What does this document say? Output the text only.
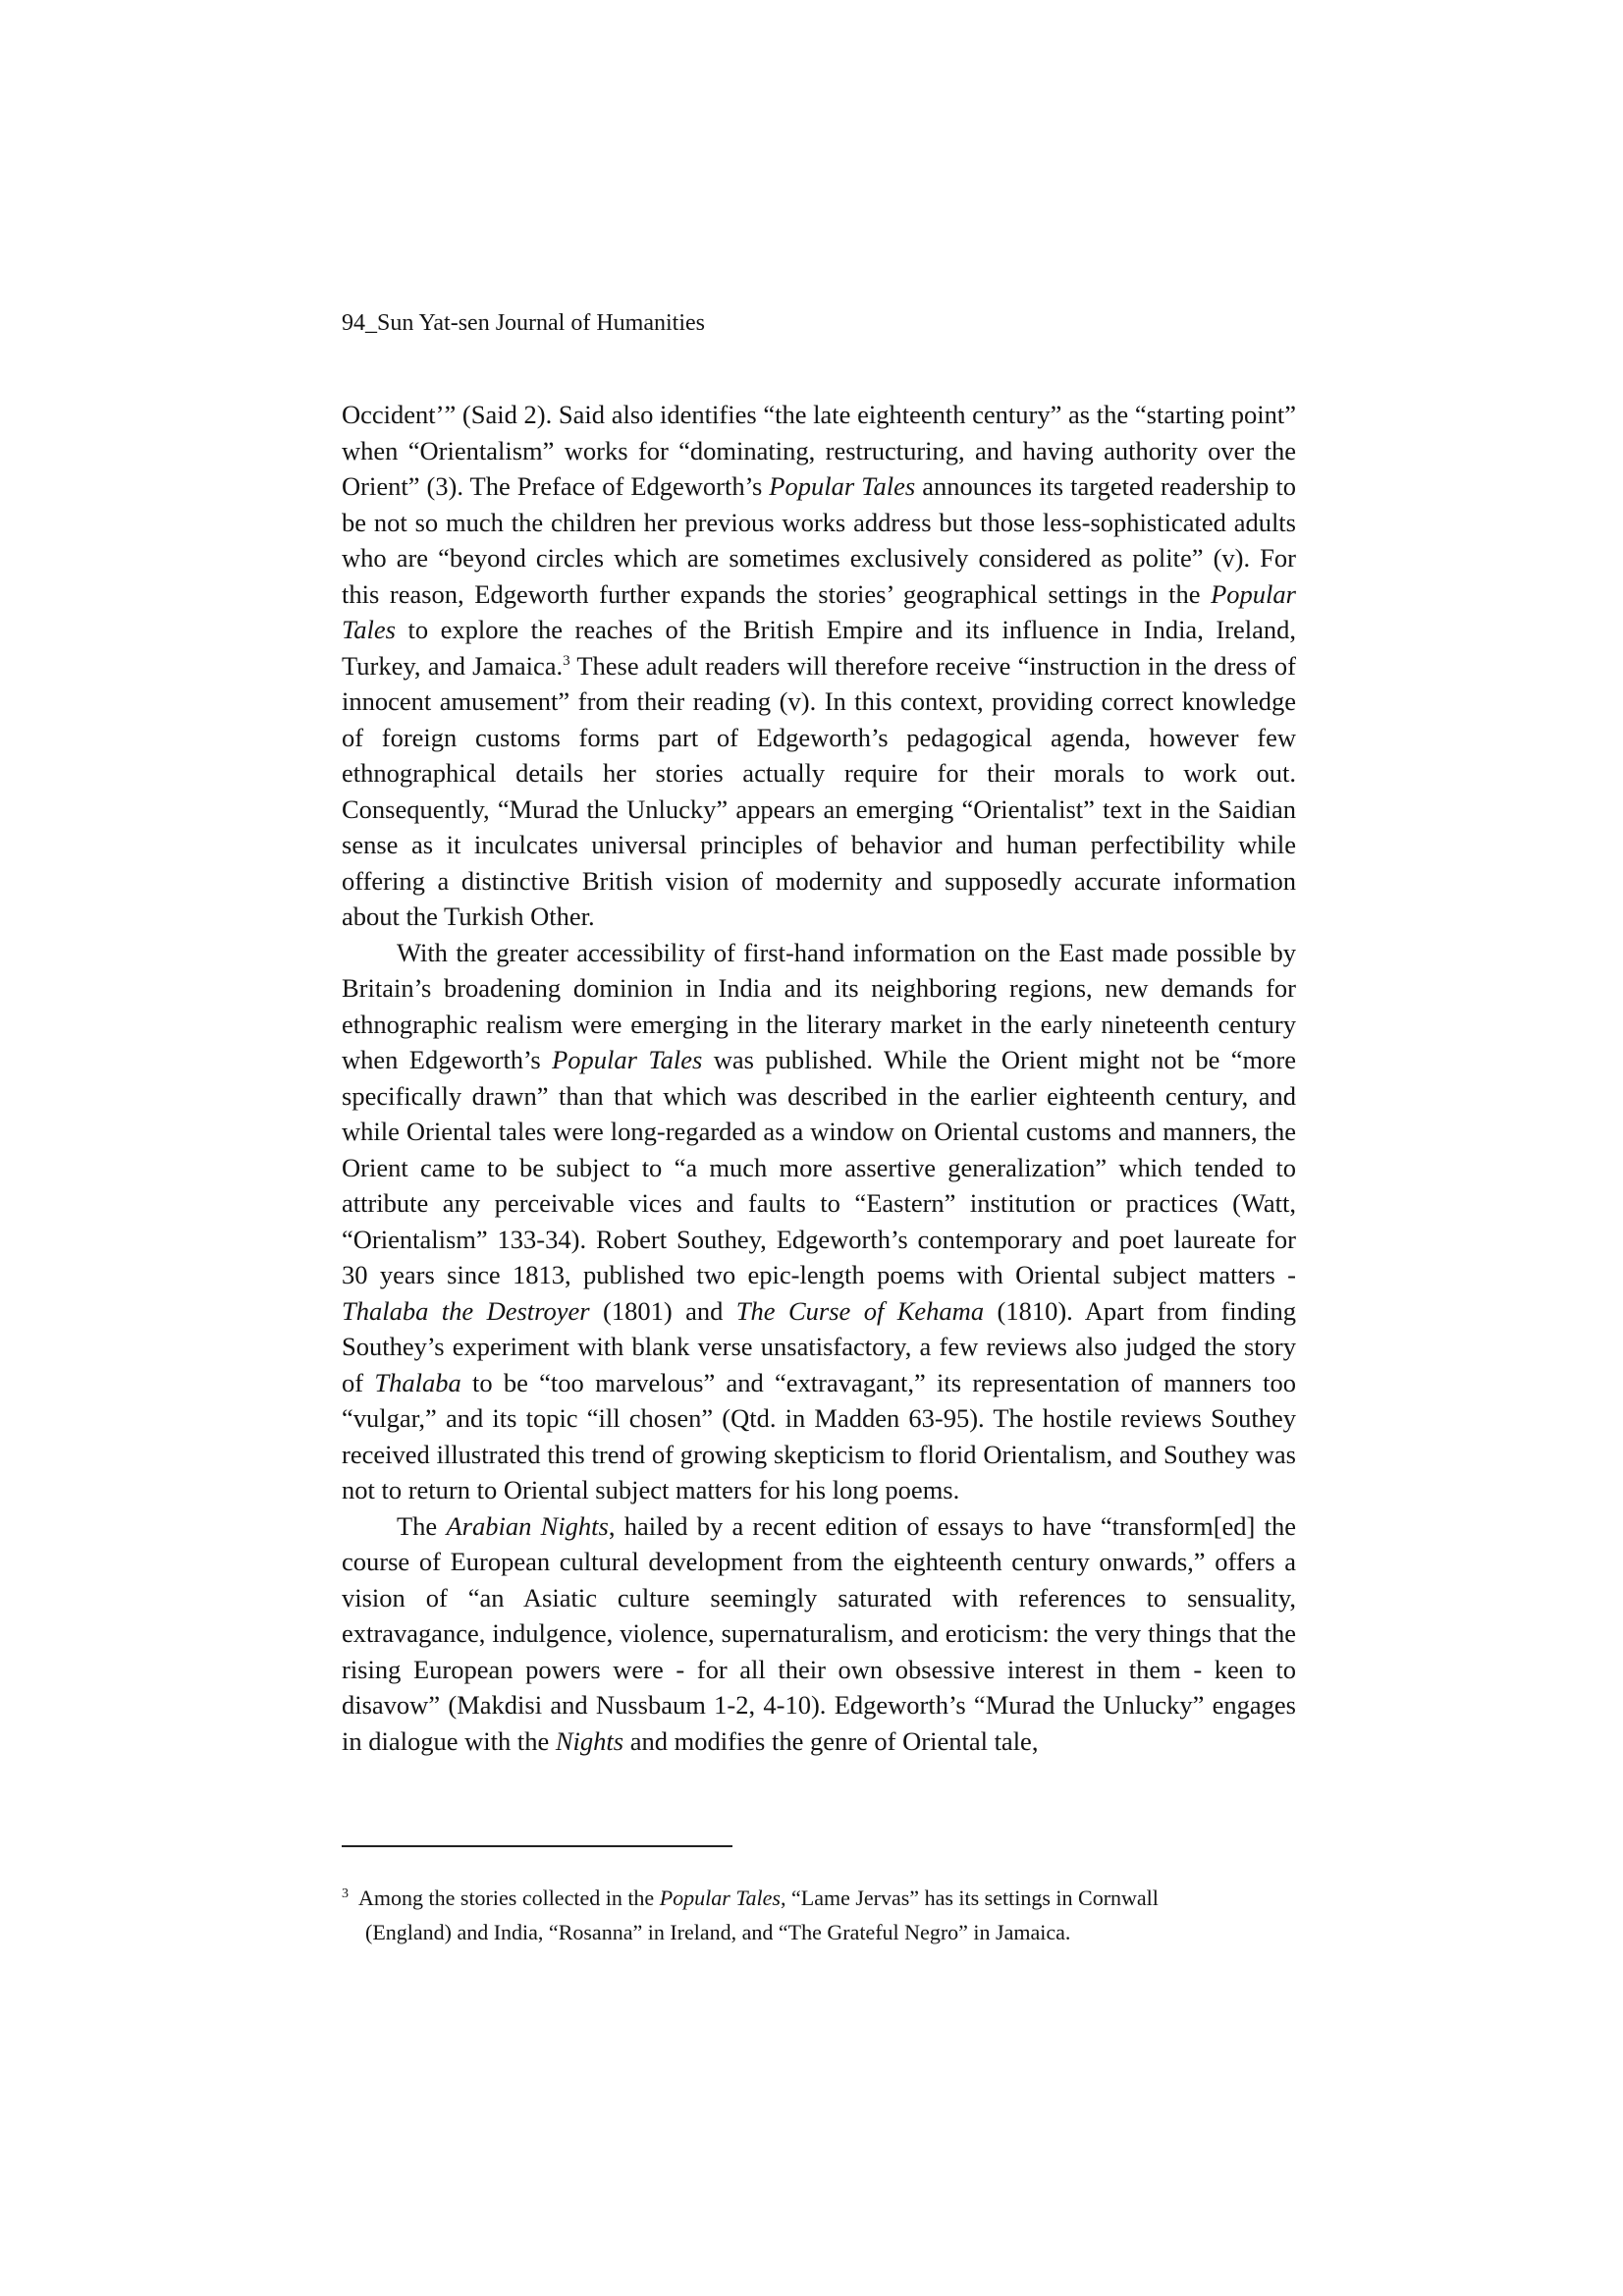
94_Sun Yat-sen Journal of Humanities

Occident’” (Said 2). Said also identifies “the late eighteenth century” as the “starting point” when “Orientalism” works for “dominating, restructuring, and having authority over the Orient” (3). The Preface of Edgeworth’s Popular Tales announces its targeted readership to be not so much the children her previous works address but those less-sophisticated adults who are “beyond circles which are sometimes exclusively considered as polite” (v). For this reason, Edgeworth further expands the stories’ geographical settings in the Popular Tales to explore the reaches of the British Empire and its influence in India, Ireland, Turkey, and Jamaica.$^3$ These adult readers will therefore receive “instruction in the dress of innocent amusement” from their reading (v). In this context, providing correct knowledge of foreign customs forms part of Edgeworth’s pedagogical agenda, however few ethnographical details her stories actually require for their morals to work out. Consequently, “Murad the Unlucky” appears an emerging “Orientalist” text in the Saidian sense as it inculcates universal principles of behavior and human perfectibility while offering a distinctive British vision of modernity and supposedly accurate information about the Turkish Other.

With the greater accessibility of first-hand information on the East made possible by Britain’s broadening dominion in India and its neighboring regions, new demands for ethnographic realism were emerging in the literary market in the early nineteenth century when Edgeworth’s Popular Tales was published. While the Orient might not be “more specifically drawn” than that which was described in the earlier eighteenth century, and while Oriental tales were long-regarded as a window on Oriental customs and manners, the Orient came to be subject to “a much more assertive generalization” which tended to attribute any perceivable vices and faults to “Eastern” institution or practices (Watt, “Orientalism” 133-34). Robert Southey, Edgeworth’s contemporary and poet laureate for 30 years since 1813, published two epic-length poems with Oriental subject matters - Thalaba the Destroyer (1801) and The Curse of Kehama (1810). Apart from finding Southey’s experiment with blank verse unsatisfactory, a few reviews also judged the story of Thalaba to be “too marvelous” and “extravagant,” its representation of manners too “vulgar,” and its topic “ill chosen” (Qtd. in Madden 63-95). The hostile reviews Southey received illustrated this trend of growing skepticism to florid Orientalism, and Southey was not to return to Oriental subject matters for his long poems.

The Arabian Nights, hailed by a recent edition of essays to have “transform[ed] the course of European cultural development from the eighteenth century onwards,” offers a vision of “an Asiatic culture seemingly saturated with references to sensuality, extravagance, indulgence, violence, supernaturalism, and eroticism: the very things that the rising European powers were - for all their own obsessive interest in them - keen to disavow” (Makdisi and Nussbaum 1-2, 4-10). Edgeworth’s “Murad the Unlucky” engages in dialogue with the Nights and modifies the genre of Oriental tale,

$^3$ Among the stories collected in the Popular Tales, “Lame Jervas” has its settings in Cornwall
(England) and India, “Rosanna” in Ireland, and “The Grateful Negro” in Jamaica.
